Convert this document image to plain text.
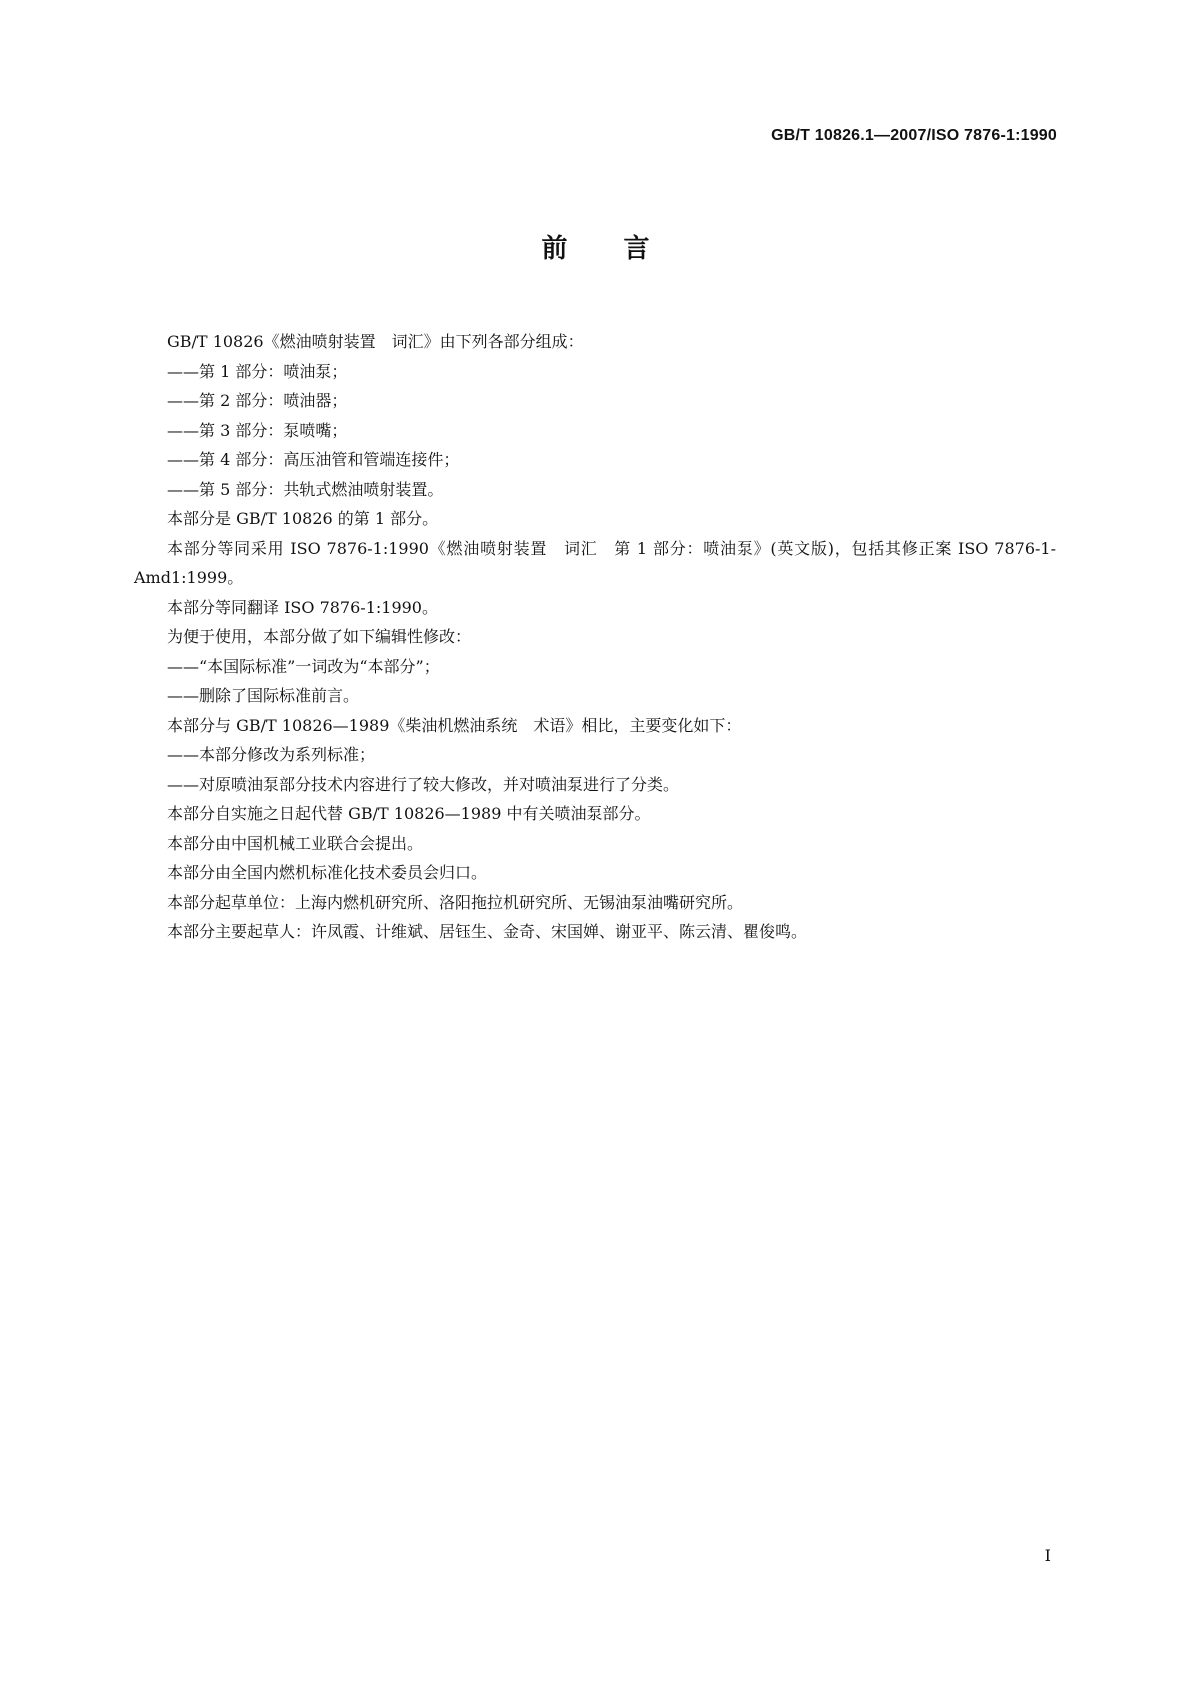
GB/T 10826.1—2007/ISO 7876-1:1990
前言

GB/T 10826《燃油喷射装置　词汇》由下列各部分组成：

——第 1 部分：喷油泵；

——第 2 部分：喷油器；

——第 3 部分：泵喷嘴；

——第 4 部分：高压油管和管端连接件；

——第 5 部分：共轨式燃油喷射装置。

本部分是 GB/T 10826 的第 1 部分。

本部分等同采用 ISO 7876-1:1990《燃油喷射装置　词汇　第 1 部分：喷油泵》(英文版)，包括其修正案 ISO 7876-1-Amd1:1999。

本部分等同翻译 ISO 7876-1:1990。

为便于使用，本部分做了如下编辑性修改：

——“本国际标准”一词改为“本部分”；

——删除了国际标准前言。

本部分与 GB/T 10826—1989《柴油机燃油系统　术语》相比，主要变化如下：

——本部分修改为系列标准；

——对原喷油泵部分技术内容进行了较大修改，并对喷油泵进行了分类。

本部分自实施之日起代替 GB/T 10826—1989 中有关喷油泵部分。

本部分由中国机械工业联合会提出。

本部分由全国内燃机标准化技术委员会归口。

本部分起草单位：上海内燃机研究所、洛阳拖拉机研究所、无锡油泵油嘴研究所。

本部分主要起草人：许凤霞、计维斌、居钰生、金奇、宋国婵、谢亚平、陈云清、瞿俊鸣。

I
